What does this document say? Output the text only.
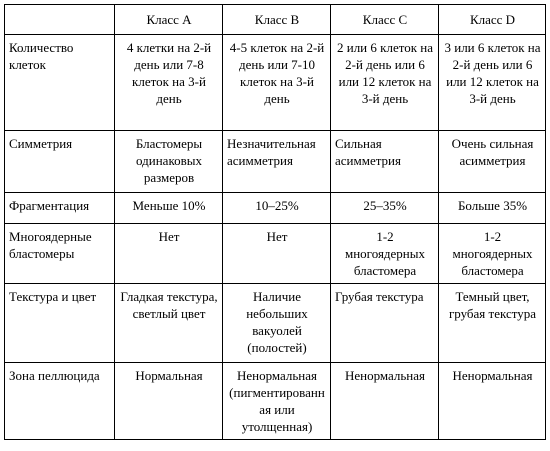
	Класс A	Класс B	Класс C	Класс D
Количество клеток	4 клетки на 2-й день или 7-8 клеток на 3-й день	4-5 клеток на 2-й день или 7-10 клеток на 3-й день	2 или 6 клеток на 2-й день или 6 или 12 клеток на 3-й день	3 или 6 клеток на 2-й день или 6 или 12 клеток на 3-й день
Симметрия	Бластомеры одинаковых размеров	Незначительная асимметрия	Сильная асимметрия	Очень сильная асимметрия
Фрагментация	Меньше 10%	10–25%	25–35%	Больше 35%
Многоядерные бластомеры	Нет	Нет	1-2 многоядерных бластомера	1-2 многоядерных бластомера
Текстура и цвет	Гладкая текстура, светлый цвет	Наличие небольших вакуолей (полостей)	Грубая текстура	Темный цвет, грубая текстура
Зона пеллюцида	Нормальная	Ненормальная (пигментированная или утолщенная)	Ненормальная	Ненормальная
